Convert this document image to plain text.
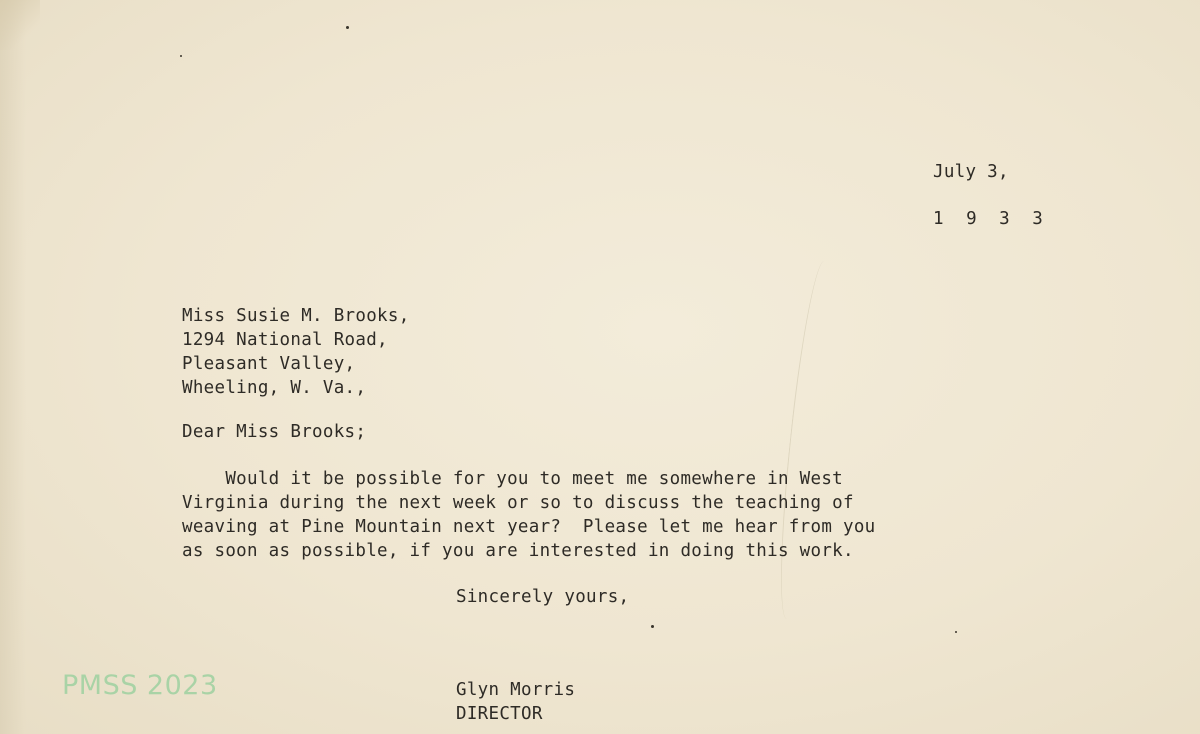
July 3,
1 9 3 3
Miss Susie M. Brooks,
1294 National Road,
Pleasant Valley,
Wheeling, W. Va.,
Dear Miss Brooks;
Would it be possible for you to meet me somewhere in West
Virginia during the next week or so to discuss the teaching of
weaving at Pine Mountain next year?  Please let me hear from you
as soon as possible, if you are interested in doing this work.
Sincerely yours,
Glyn Morris
DIRECTOR
PMSS 2023
